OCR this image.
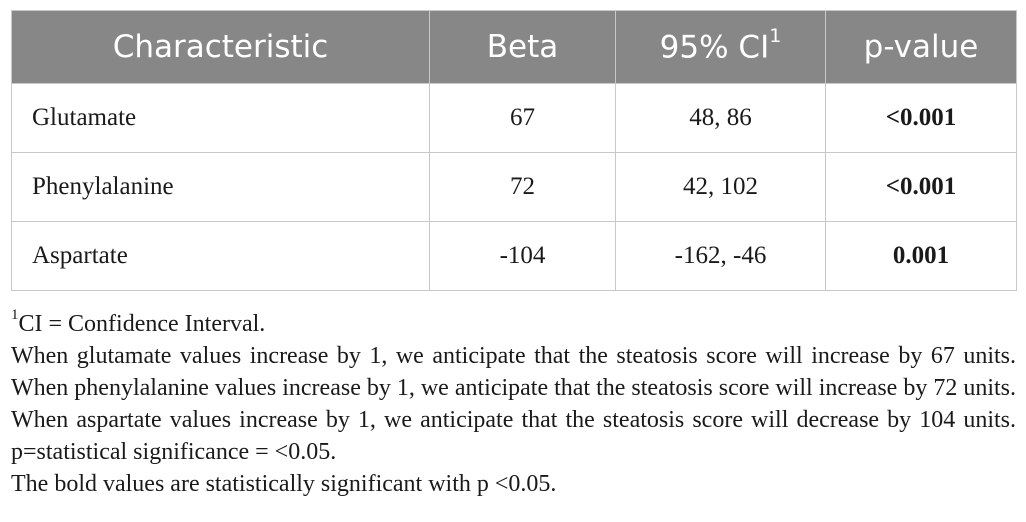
Characteristic	Beta	95% $CI^1$	p-value
Glutamate	67	48, 86	<0.001
Phenylalanine	72	42, 102	<0.001
Aspartate	-104	-162, -46	0.001

$^1$CI = Confidence Interval.

When glutamate values increase by 1, we anticipate that the steatosis score will increase by 67 units. When phenylalanine values increase by 1, we anticipate that the steatosis score will increase by 72 units. When aspartate values increase by 1, we anticipate that the steatosis score will decrease by 104 units. p=statistical significance = <0.05.

The bold values are statistically significant with p <0.05.
